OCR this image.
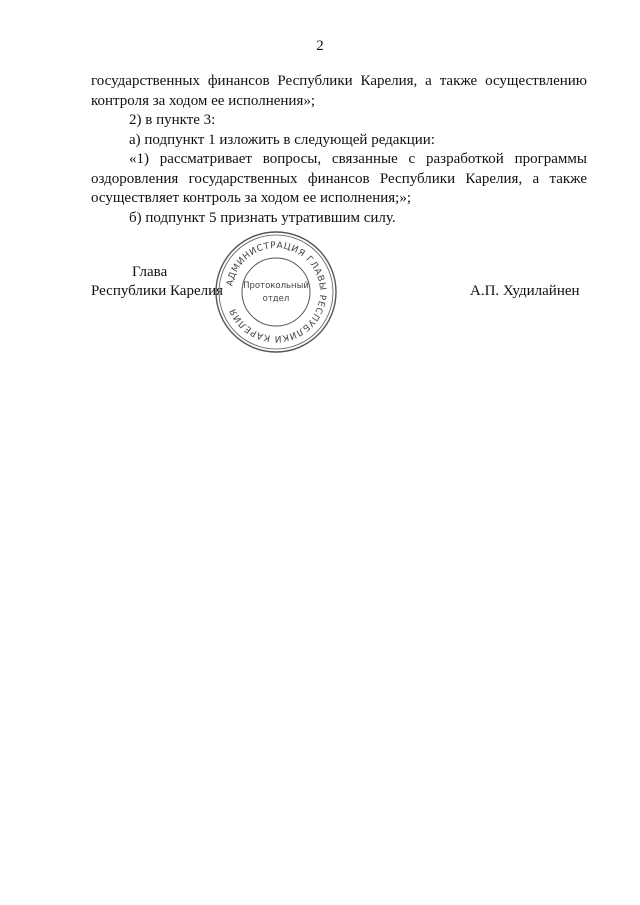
2

государственных финансов Республики Карелия, а также осуществлению контроля за ходом ее исполнения»;

2) в пункте 3:

а) подпункт 1 изложить в следующей редакции:

«1) рассматривает вопросы, связанные с разработкой программы оздоровления государственных финансов Республики Карелия, а также осуществляет контроль за ходом ее исполнения;»;

б) подпункт 5 признать утратившим силу.

Глава
Республики Карелия	А.П. Худилайнен
АДМИНИСТРАЦИЯ ГЛАВЫ РЕСПУБЛИКИ КАРЕЛИЯ
Протокольный
отдел
